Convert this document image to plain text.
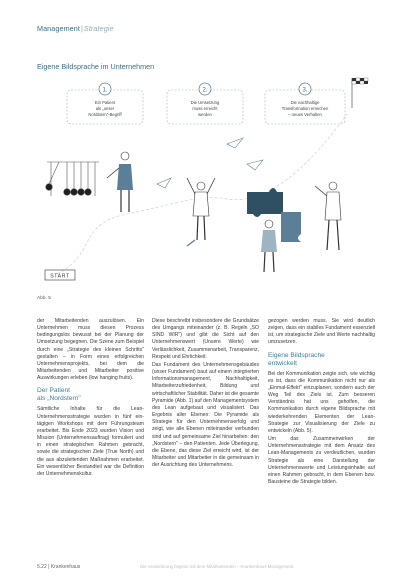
Management|Strategie
Eigene Bildsprache im Unternehmen
1.
Ein Patient
als „unser
Nordstern"-Begriff
2.
Die Umsetzung
muss erreicht
werden
3.
Die nachhaltige
Transformation erreichen
– neues Verhalten
START
Abb. 5

der Mitarbeitenden auszulösen. Ein Unternehmen muss diesen Prozess bedingungslos bewusst bei der Planung der Umsetzung begegnen. Die Szene zum Beispiel durch eine „Strategie des kleinen Schritts" gestalten – in Form eines erfolgreichen Unternehmensprojekts, bei dem die Mitarbeitenden und Mitarbeiter positive Auswirkungen erleben (low hanging fruits).

Der Patient
als „Nordstern"

Sämtliche Inhalte für die Lean-Unternehmensstrategie wurden in fünf ein-tägigen Workshops mit dem Führungsteam erarbeitet. Bis Ende 2023 wurden Vision und Mission (Unternehmensauftrag) formuliert und in einen strategischen Rahmen gebracht, sowie die strategischen Ziele (True North) und die aus abzuleitenden Maßnahmen erarbeitet. Ein wesentlicher Bestandteil war die Definition der Unternehmenskultur.

Diese beschreibt insbesondere die Grundsätze des Umgangs miteinander (z. B. Regeln „SO SIND WIR") und gibt die Sicht auf den Unternehmenswert (Unsere Werte) wie Verlässlichkeit, Zusammenarbeit, Transparenz, Respekt und Ehrlichkeit.

Das Fundament des Unternehmensgebäudes (unser Fundament) baut auf einem integrierten Informationsmanagement, Nachhaltigkeit, Mitarbeiterzufriedenheit, Bildung und wirtschaftlicher Stabilität. Daher ist die gesamte Pyramide (Abb. 1) auf den Managementsystem des Lean aufgebaut und visualisiert. Das Ergebnis aller Ebenen: Die Pyramide als Strategie für den Unternehmenserfolg und zeigt, wie alle Ebenen miteinander verbunden sind und auf gemeinsame Ziel hinarbeiten: den „Nordstern" – den Patienten. Jede Überlegung, die Ebene, das diese Ziel erreicht wird, ist der Mitarbeiter und Mitarbeiter in die gemeinsam in der Ausrichtung des Unternehmens.

gezogen werden muss. Sie wird deutlich zeigen, dass ein stabiles Fundament essenziell ist, um strategische Ziele und Werte nachhaltig umzusetzen.

Eigene Bildsprache
entwickelt

Bei der Kommunikation zeigte sich, wie wichtig es ist, dass die Kommunikation nicht nur als „Einmal-Effekt" einzuplanen, sondern auch der Weg Teil des Ziels ist. Zum besseren Verständnis hat uns geholfen, die Kommunikation durch eigene Bildsprache mit wiederkehrenden Elementen der Lean-Strategie zur Visualisierung der Ziele zu entwickeln (Abb. 5).

Um das Zusammenwirken der Unternehmensstrategie mit dem Ansatz des Lean-Managements zu verdeutlichen, wurden Strategie als eine Darstellung der Unternehmenswerte und Leistungsinhalte auf einen Rahmen gebracht, in dem Ebenen bzw. Bausteine die Strategie bilden.

5.22 | Krankenhaus	Die Veränderung beginnt mit dem Mitarbeitenden – Krankenhaus Management
